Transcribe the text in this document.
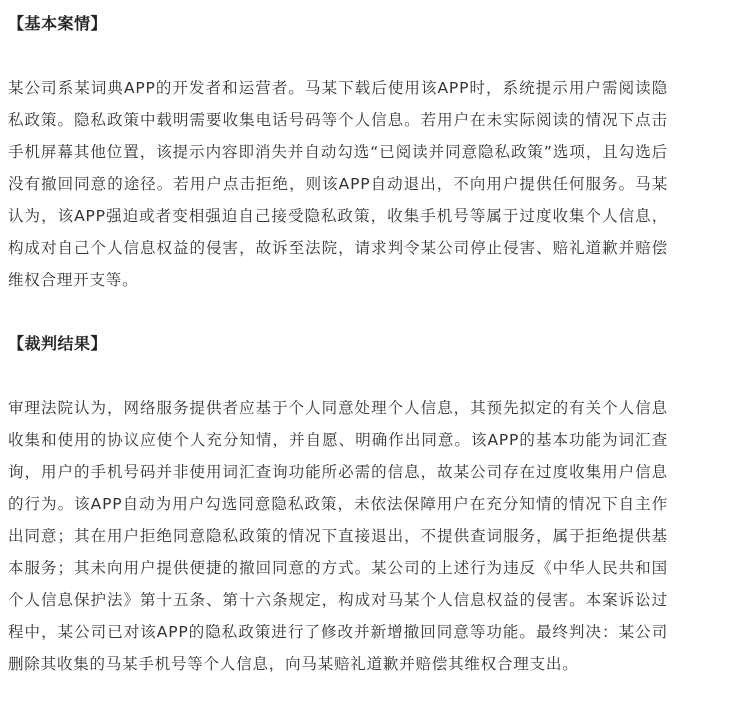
【基本案情】

某公司系某词典APP的开发者和运营者。马某下载后使用该APP时，系统提示用户需阅读隐私政策。隐私政策中载明需要收集电话号码等个人信息。若用户在未实际阅读的情况下点击手机屏幕其他位置，该提示内容即消失并自动勾选“已阅读并同意隐私政策”选项，且勾选后没有撤回同意的途径。若用户点击拒绝，则该APP自动退出，不向用户提供任何服务。马某认为，该APP强迫或者变相强迫自己接受隐私政策，收集手机号等属于过度收集个人信息，构成对自己个人信息权益的侵害，故诉至法院，请求判令某公司停止侵害、赔礼道歉并赔偿维权合理开支等。

【裁判结果】

审理法院认为，网络服务提供者应基于个人同意处理个人信息，其预先拟定的有关个人信息收集和使用的协议应使个人充分知情，并自愿、明确作出同意。该APP的基本功能为词汇查询，用户的手机号码并非使用词汇查询功能所必需的信息，故某公司存在过度收集用户信息的行为。该APP自动为用户勾选同意隐私政策，未依法保障用户在充分知情的情况下自主作出同意；其在用户拒绝同意隐私政策的情况下直接退出，不提供查词服务，属于拒绝提供基本服务；其未向用户提供便捷的撤回同意的方式。某公司的上述行为违反《中华人民共和国个人信息保护法》第十五条、第十六条规定，构成对马某个人信息权益的侵害。本案诉讼过程中，某公司已对该APP的隐私政策进行了修改并新增撤回同意等功能。最终判决：某公司删除其收集的马某手机号等个人信息，向马某赔礼道歉并赔偿其维权合理支出。
